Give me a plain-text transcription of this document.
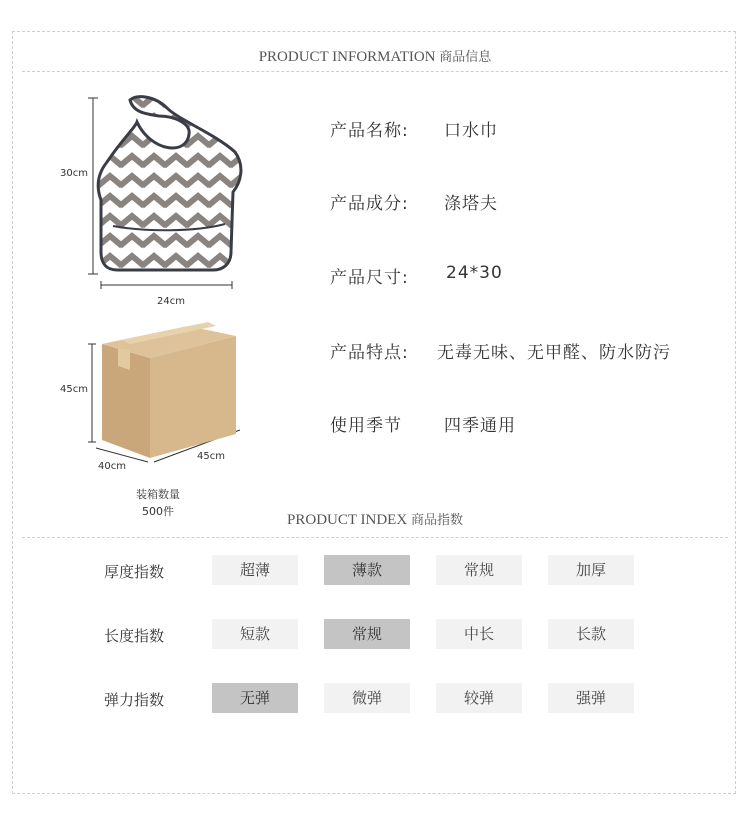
PRODUCT INFORMATION 商品信息
30cm
24cm
45cm
40cm
45cm
装箱数量
500件
产品名称: 口水巾
产品成分: 涤塔夫
产品尺寸: 24*30
产品特点: 无毒无味、无甲醛、防水防污
使用季节 四季通用
PRODUCT INDEX 商品指数
厚度指数	超薄	薄款	常规	加厚
长度指数	短款	常规	中长	长款
弹力指数	无弹	微弹	较弹	强弹
